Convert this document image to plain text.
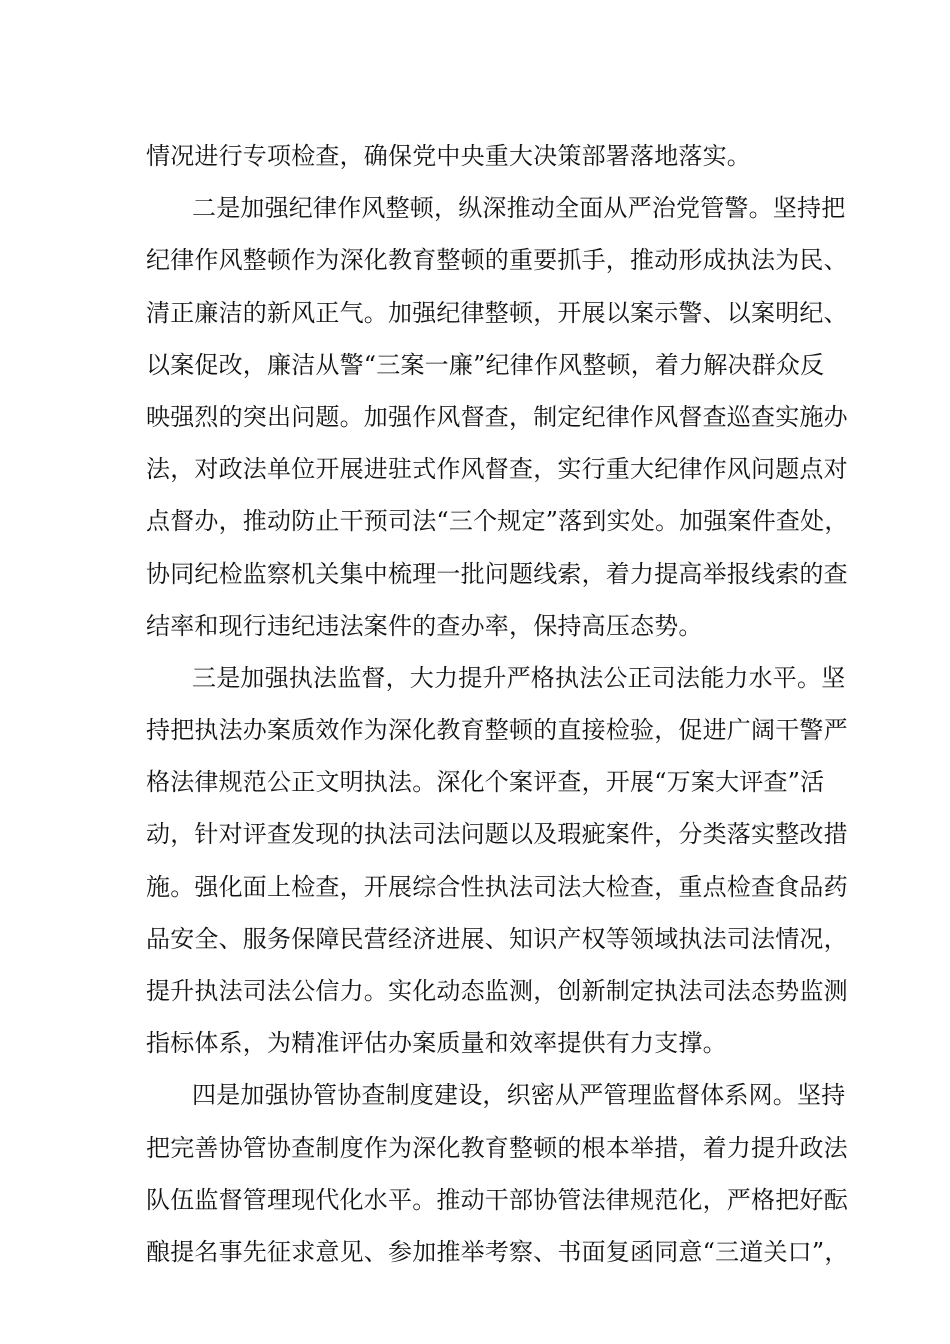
情况进行专项检查，确保党中央重大决策部署落地落实。
二是加强纪律作风整顿，纵深推动全面从严治党管警。坚持把
纪律作风整顿作为深化教育整顿的重要抓手，推动形成执法为民、
清正廉洁的新风正气。加强纪律整顿，开展以案示警、以案明纪、
以案促改，廉洁从警“三案一廉”纪律作风整顿，着力解决群众反
映强烈的突出问题。加强作风督查，制定纪律作风督查巡查实施办
法，对政法单位开展进驻式作风督查，实行重大纪律作风问题点对
点督办，推动防止干预司法“三个规定”落到实处。加强案件查处，
协同纪检监察机关集中梳理一批问题线索，着力提高举报线索的查
结率和现行违纪违法案件的查办率，保持高压态势。
三是加强执法监督，大力提升严格执法公正司法能力水平。坚
持把执法办案质效作为深化教育整顿的直接检验，促进广阔干警严
格法律规范公正文明执法。深化个案评查，开展“万案大评查”活
动，针对评查发现的执法司法问题以及瑕疵案件，分类落实整改措
施。强化面上检查，开展综合性执法司法大检查，重点检查食品药
品安全、服务保障民营经济进展、知识产权等领域执法司法情况，
提升执法司法公信力。实化动态监测，创新制定执法司法态势监测
指标体系，为精准评估办案质量和效率提供有力支撑。
四是加强协管协查制度建设，织密从严管理监督体系网。坚持
把完善协管协查制度作为深化教育整顿的根本举措，着力提升政法
队伍监督管理现代化水平。推动干部协管法律规范化，严格把好酝
酿提名事先征求意见、参加推举考察、书面复函同意“三道关口”，
